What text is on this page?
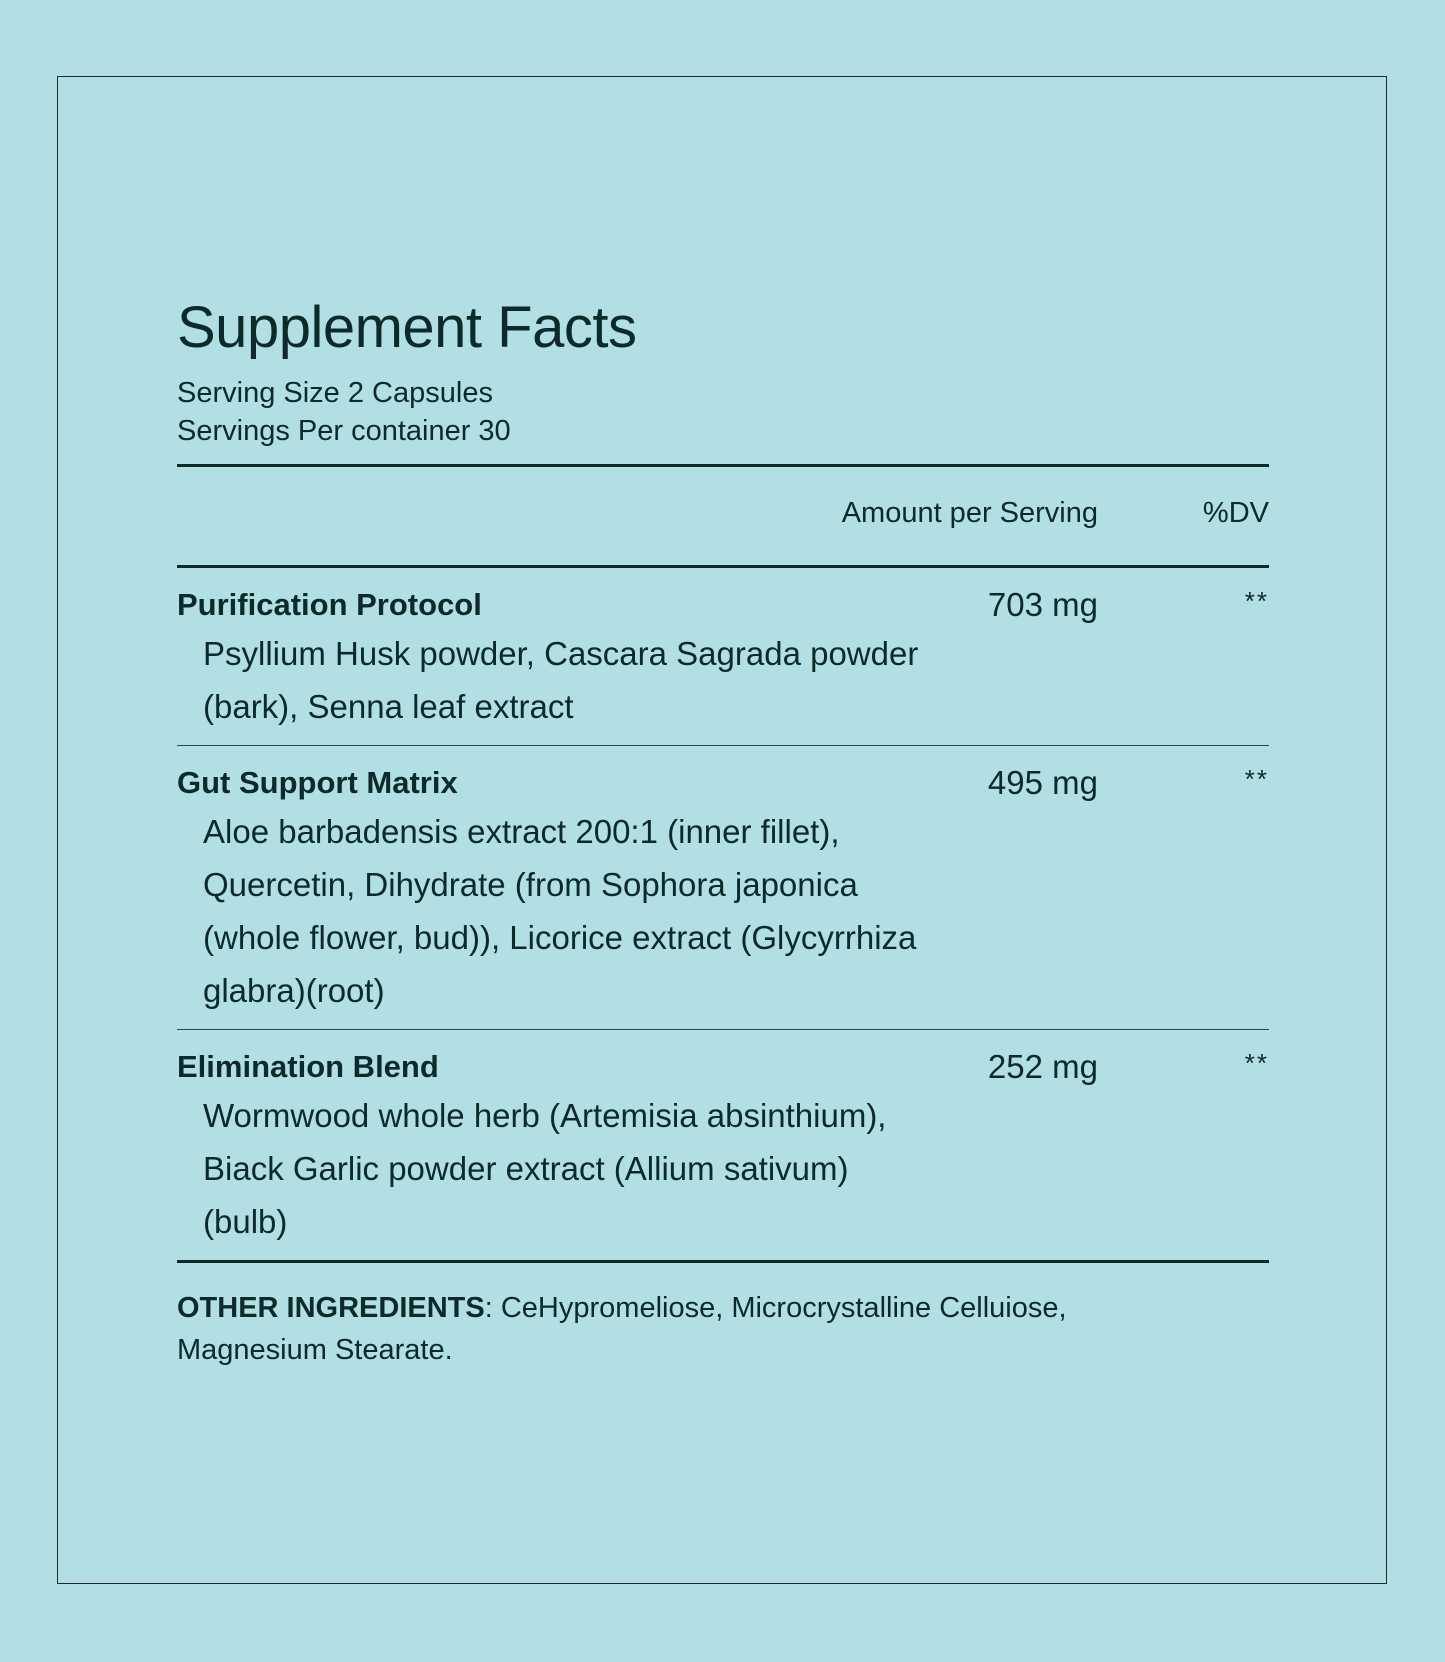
Supplement Facts
Serving Size 2 Capsules
Servings Per container 30
Amount per Serving	%DV
Purification Protocol	703 mg	**
Psyllium Husk powder, Cascara Sagrada powder (bark), Senna leaf extract
Gut Support Matrix	495 mg	**
Aloe barbadensis extract 200:1 (inner fillet), Quercetin, Dihydrate (from Sophora japonica (whole flower, bud)), Licorice extract (Glycyrrhiza glabra)(root)
Elimination Blend	252 mg	**
Wormwood whole herb (Artemisia absinthium), Biack Garlic powder extract (Allium sativum)(bulb)
OTHER INGREDIENTS: CeHypromeliose, Microcrystalline Celluiose, Magnesium Stearate.
